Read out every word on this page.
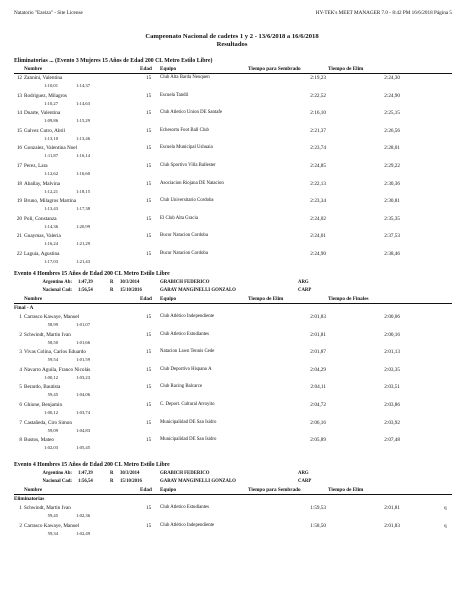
Natatorio "Ezeiza" - Site License	HY-TEK's MEET MANAGER 7.0 - 8:42 PM 16/6/2018 Página 5
Campeonato Nacional de cadetes 1 y 2 - 13/6/2018 a 16/6/2018
Resultados
Eliminatorias ... (Evento 3 Mujeres 15 Años de Edad 200 CL Metro Estilo Libre)
Nombre	Edad Equipo	Tiempo para Sembrado	Tiempo de Elim
12 Zannini, Valentina	15 Club Alta Barda Neuquen	2:19,23	2:24,30
1:10,01	1:14,37
13 Rodriguez, Milagros	15 Escuela Tandil	2:22,52	2:24,90
1:10,27	1:14,63
14 Duarte, Valentina	15 Club Atletico Union DE Santafe	2:16,10	2:25,15
1:09,86	1:15,29
15 Galvez Cutro, Abril	15 Echesortu Foot Ball Club	2:21,37	2:26,56
1:13,10	1:13,46
16 Gonzalez, Valentina Noel	15 Escuela Municipal Ushuaia	2:23,74	2:28,01
1:11,87	1:16,14
17 Perez, Lara	15 Club Sportivo Villa Ballester	2:24,85	2:29,22
1:12,62	1:16,60
18 Aballay, Malvina	15 Asociacion Riojana DE Natacion	2:22,13	2:30,36
1:12,21	1:18,15
19 Bruno, Milagros Martina	15 Club Universitario Cordoba	2:23,34	2:30,81
1:13,43	1:17,38
20 Poli, Constanza	15 El Club Alta Gracia	2:24,02	2:35,35
1:14,36	1:20,99
21 Guaymas, Valeria	15 Bucor Natacion Cordoba	2:24,01	2:37,53
1:16,24	1:21,29
22 Laguia, Agustina	15 Bucor Natacion Cordoba	2:24,90	2:38,46
1:17,03	1:21,43
Evento 4 Hombres 15 Años de Edad 200 CL Metro Estilo Libre
Argentino Ab: 1:47,39	R 30/3/2014	GRABICH FEDERICO	ARG
Nacional Cad: 1:56,54	R 15/10/2016	GARAY MANGINELLI GONZALO	CARP
Nombre	Edad Equipo	Tiempo de Elim	Tiempo de Finales
Final - A
1 Carrasco Kawaye, Manuel	15 Club Atlético Independiente	2:01,83	2:00,06
58,99	1:01,07
2 Schwindt, Martin Ivan	15 Club Atletico Estudiantes	2:01,81	2:00,16
58,50	1:01,66
3 Vivas Colina, Carlos Eduardo	15 Natacion Lawn Tennis Cede	2:01,87	2:01,13
59,54	1:01,59
4 Navarro Aguila, Franco Nicolás	15 Club Deportivo Hispano A	2:04,29	2:03,35
1:00,12	1:03,23
5 Berardo, Bautista	15 Club Racing Balcarce	2:04,11	2:03,51
59,45	1:04,06
6 Ghione, Benjamin	15 C. Deport. Cultural Arroyito	2:04,72	2:03,86
1:00,12	1:03,74
7 Castañeda, Ciro Simon	15 Municipalidad DE San Isidro	2:06,16	2:03,92
59,09	1:04,83
8 Bustos, Mateo	15 Municipalidad DE San Isidro	2:05,89	2:07,48
1:02,03	1:05,45
Evento 4 Hombres 15 Años de Edad 200 CL Metro Estilo Libre
Argentino Ab: 1:47,39	R 30/3/2014	GRABICH FEDERICO	ARG
Nacional Cad: 1:56,54	R 15/10/2016	GARAY MANGINELLI GONZALO	CARP
Nombre	Edad Equipo	Tiempo para Sembrado	Tiempo de Elim
Eliminatorias
1 Schwindt, Martin Ivan	15 Club Atletico Estudiantes	1:59,53	2:01,81	q
59,45	1:02,36
2 Carrasco Kawaye, Manuel	15 Club Atlético Independiente	1:58,50	2:01,83	q
59,34	1:02,49
